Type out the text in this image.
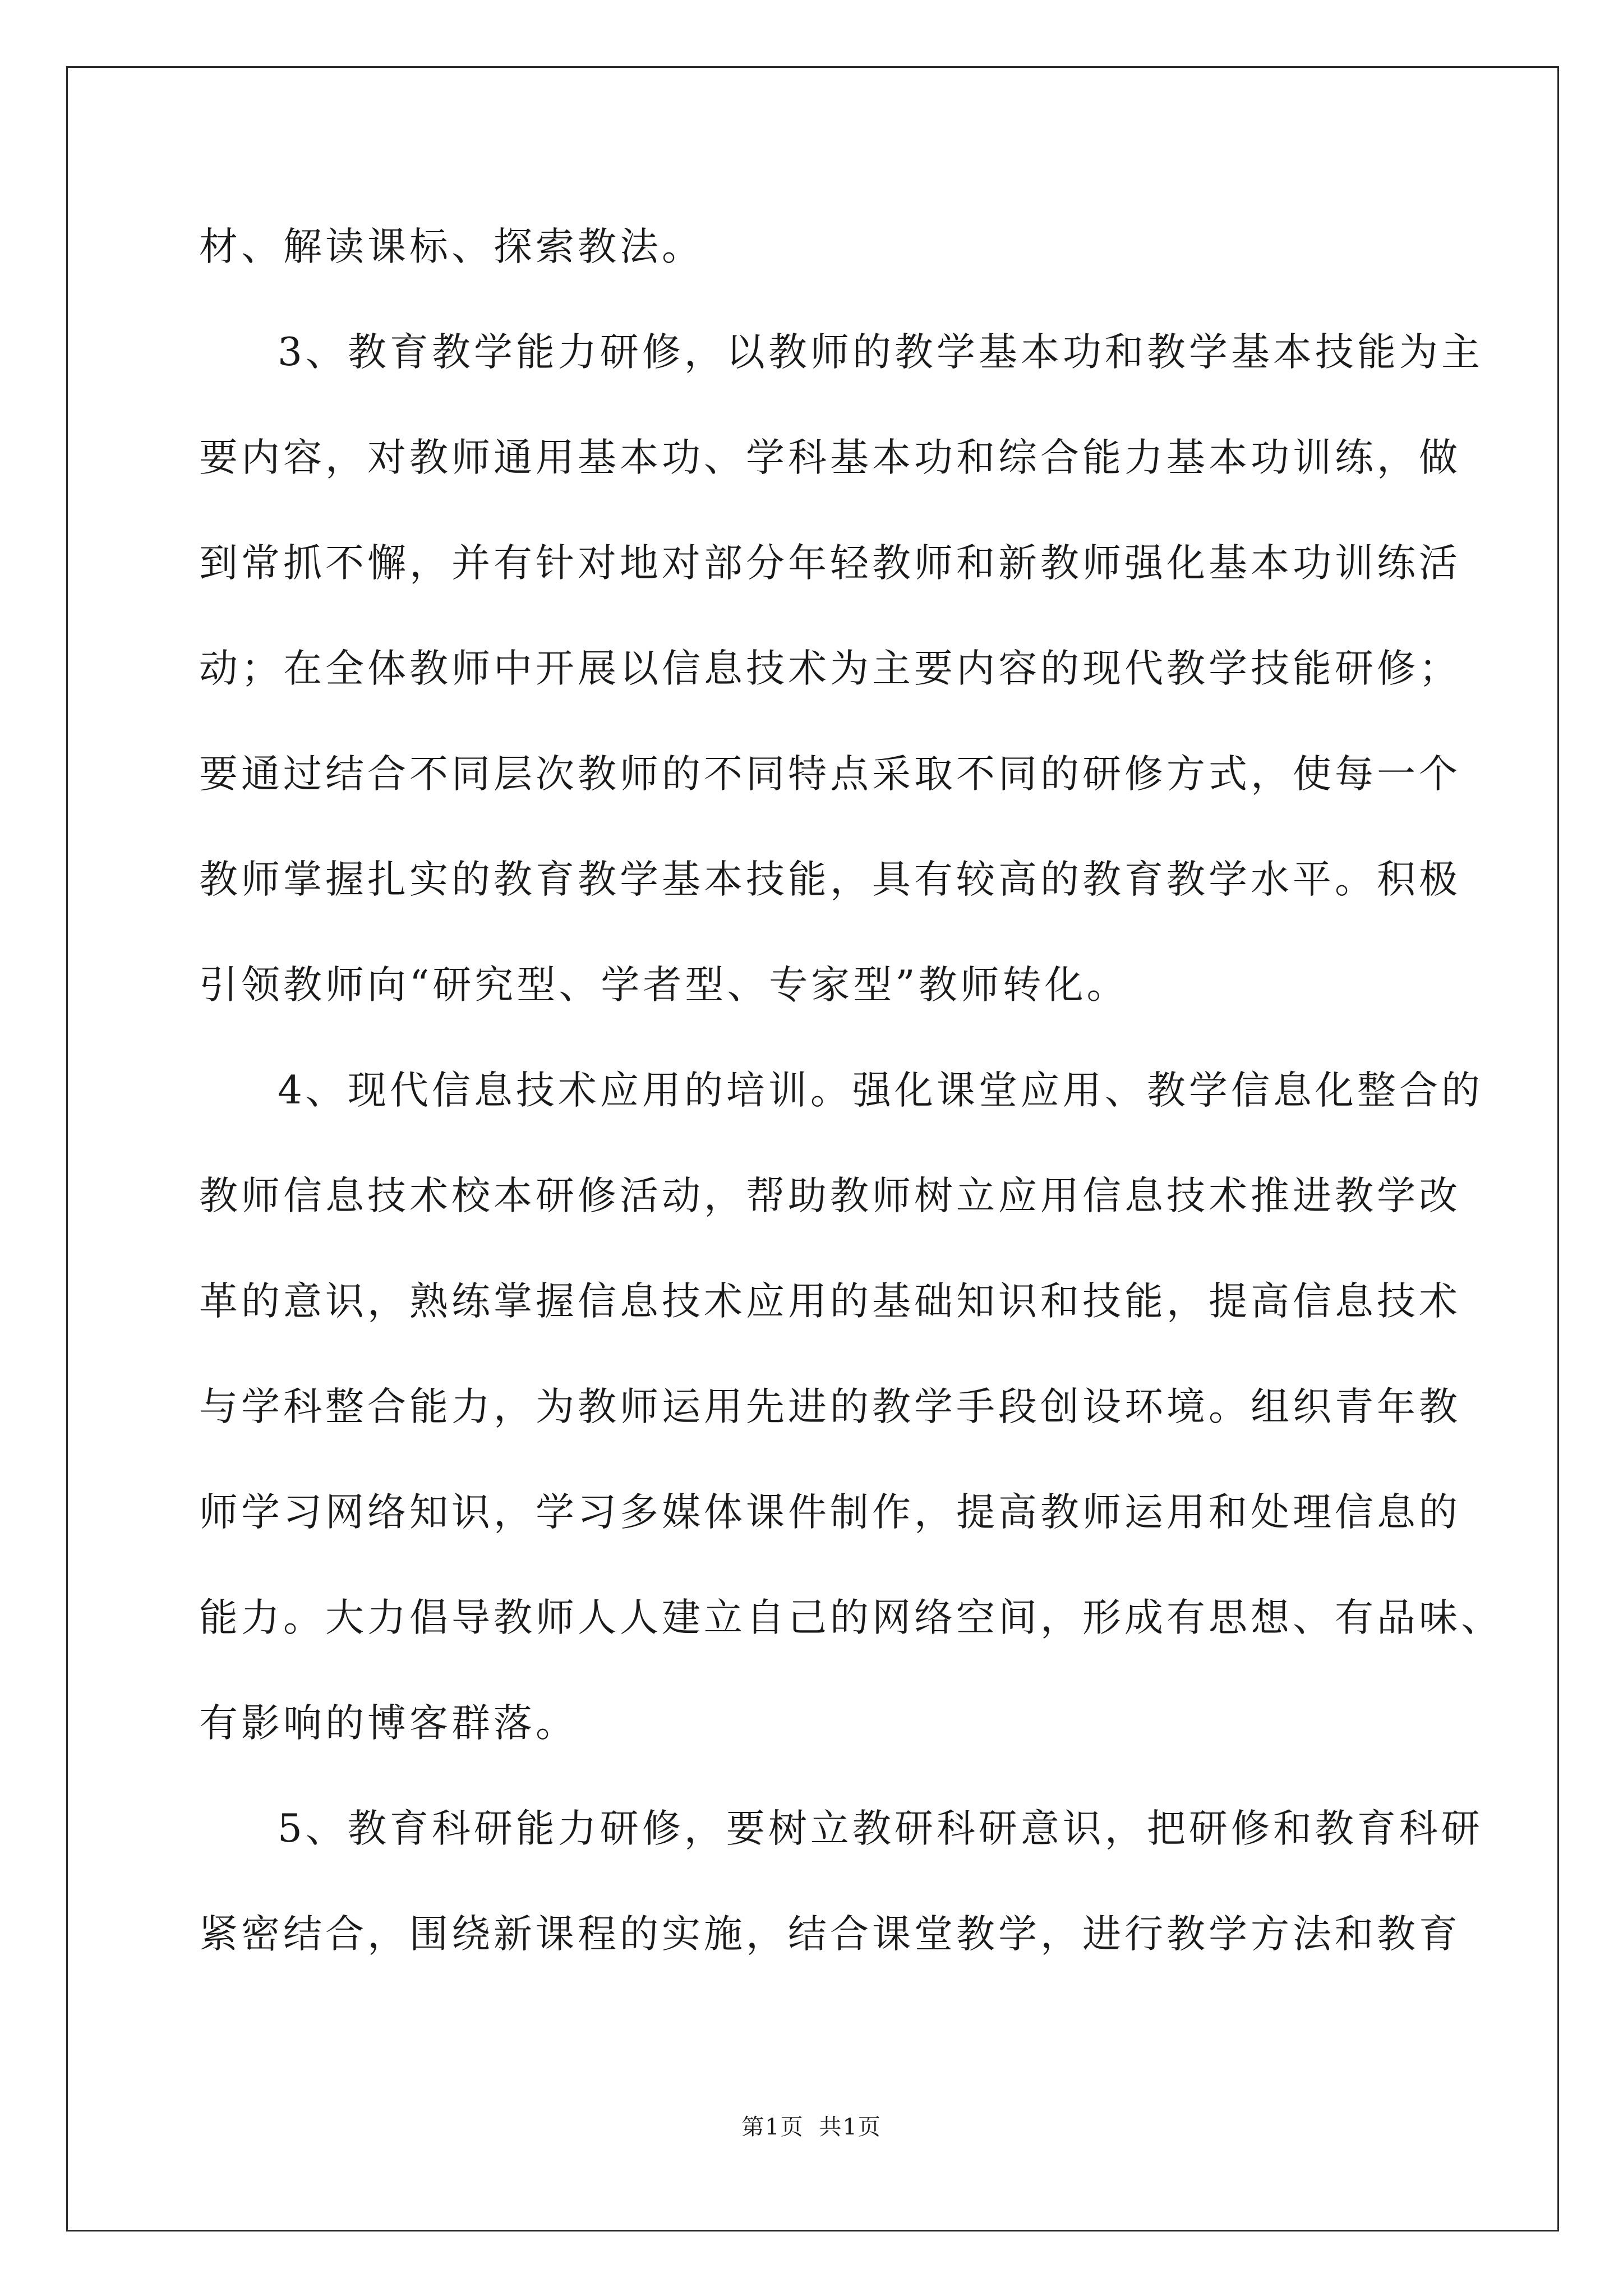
材、解读课标、探索教法。
3、教育教学能力研修，以教师的教学基本功和教学基本技能为主
要内容，对教师通用基本功、学科基本功和综合能力基本功训练，做
到常抓不懈，并有针对地对部分年轻教师和新教师强化基本功训练活
动；在全体教师中开展以信息技术为主要内容的现代教学技能研修；
要通过结合不同层次教师的不同特点采取不同的研修方式，使每一个
教师掌握扎实的教育教学基本技能，具有较高的教育教学水平。积极
引领教师向“研究型、学者型、专家型”教师转化。
4、现代信息技术应用的培训。强化课堂应用、教学信息化整合的
教师信息技术校本研修活动，帮助教师树立应用信息技术推进教学改
革的意识，熟练掌握信息技术应用的基础知识和技能，提高信息技术
与学科整合能力，为教师运用先进的教学手段创设环境。组织青年教
师学习网络知识，学习多媒体课件制作，提高教师运用和处理信息的
能力。大力倡导教师人人建立自己的网络空间，形成有思想、有品味、
有影响的博客群落。
5、教育科研能力研修，要树立教研科研意识，把研修和教育科研
紧密结合，围绕新课程的实施，结合课堂教学，进行教学方法和教育
第1页 共1页
